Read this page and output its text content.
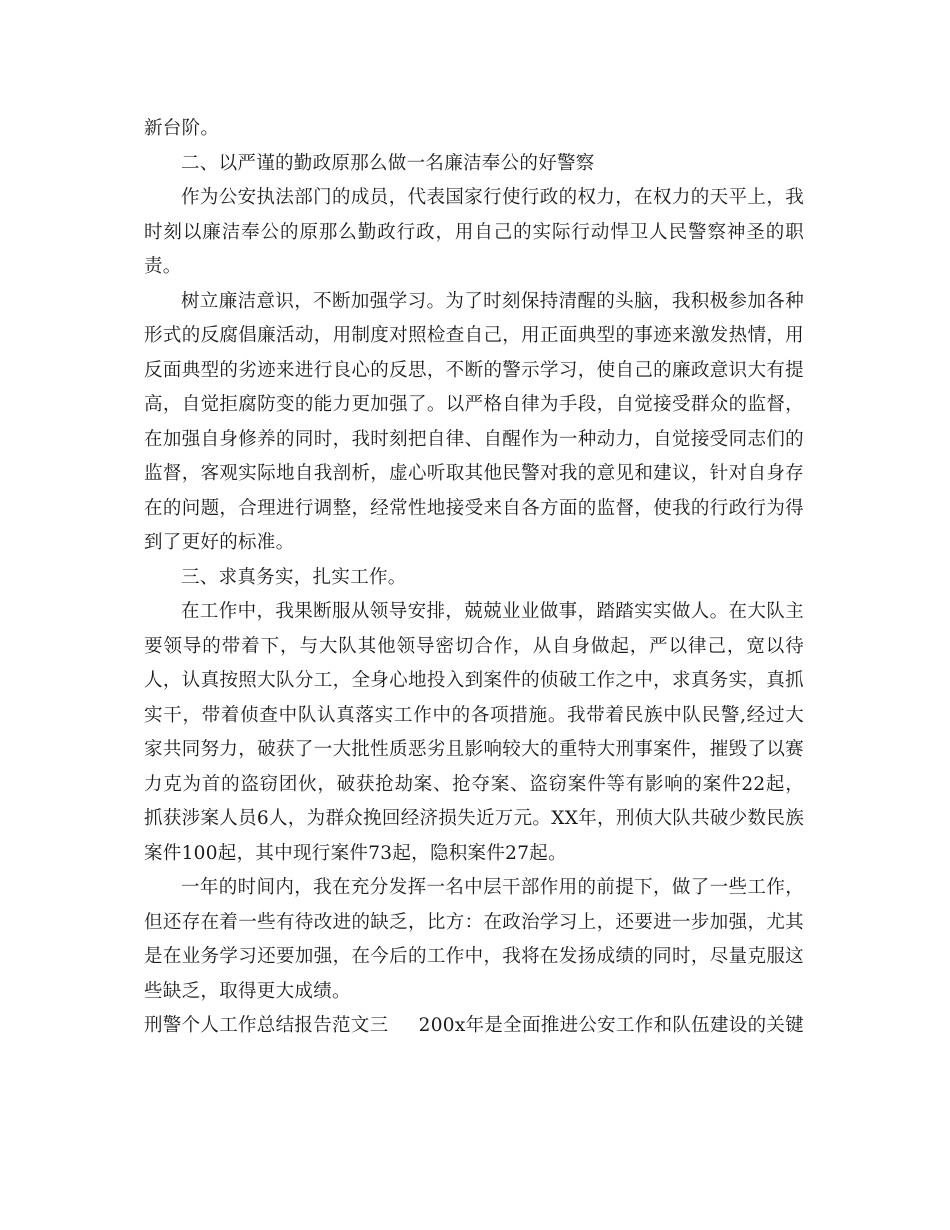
新台阶。

二、以严谨的勤政原那么做一名廉洁奉公的好警察

作为公安执法部门的成员，代表国家行使行政的权力，在权力的天平上，我时刻以廉洁奉公的原那么勤政行政，用自己的实际行动悍卫人民警察神圣的职责。

树立廉洁意识，不断加强学习。为了时刻保持清醒的头脑，我积极参加各种形式的反腐倡廉活动，用制度对照检查自己，用正面典型的事迹来激发热情，用反面典型的劣迹来进行良心的反思，不断的警示学习，使自己的廉政意识大有提高，自觉拒腐防变的能力更加强了。以严格自律为手段，自觉接受群众的监督，在加强自身修养的同时，我时刻把自律、自醒作为一种动力，自觉接受同志们的监督，客观实际地自我剖析，虚心听取其他民警对我的意见和建议，针对自身存在的问题，合理进行调整，经常性地接受来自各方面的监督，使我的行政行为得到了更好的标准。

三、求真务实，扎实工作。

在工作中，我果断服从领导安排，兢兢业业做事，踏踏实实做人。在大队主要领导的带着下，与大队其他领导密切合作，从自身做起，严以律己，宽以待人，认真按照大队分工，全身心地投入到案件的侦破工作之中，求真务实，真抓实干，带着侦查中队认真落实工作中的各项措施。我带着民族中队民警,经过大家共同努力，破获了一大批性质恶劣且影响较大的重特大刑事案件，摧毁了以赛力克为首的盗窃团伙，破获抢劫案、抢夺案、盗窃案件等有影响的案件22起，抓获涉案人员6人，为群众挽回经济损失近万元。XX年，刑侦大队共破少数民族案件100起，其中现行案件73起，隐积案件27起。

一年的时间内，我在充分发挥一名中层干部作用的前提下，做了一些工作，但还存在着一些有待改进的缺乏，比方：在政治学习上，还要进一步加强，尤其是在业务学习还要加强，在今后的工作中，我将在发扬成绩的同时，尽量克服这些缺乏，取得更大成绩。

刑警个人工作总结报告范文三 200x年是全面推进公安工作和队伍建设的关键
